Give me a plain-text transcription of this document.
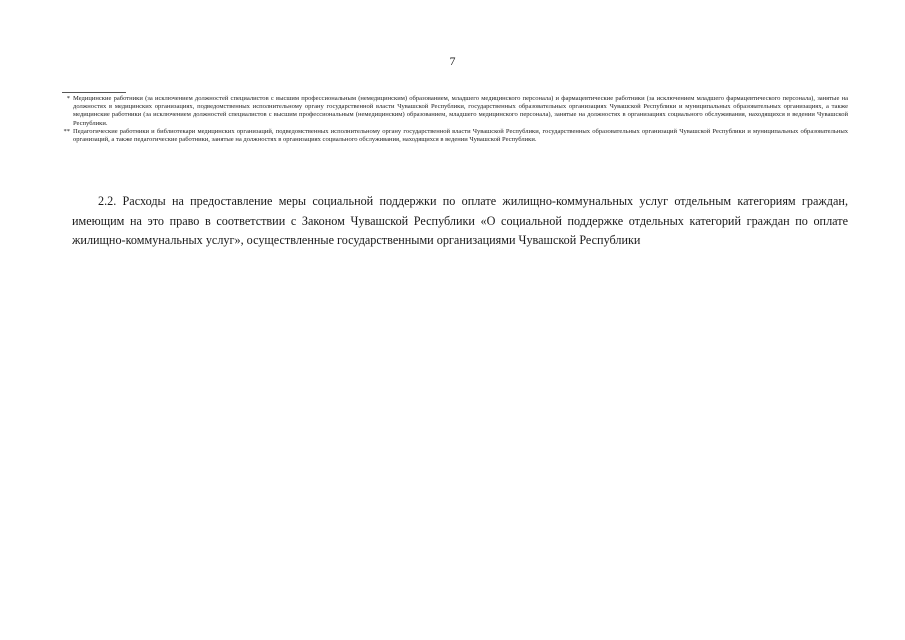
7

* Медицинские работники (за исключением должностей специалистов с высшим профессиональным (немедицинским) образованием, младшего медицинского персонала) и фармацевтические работники (за исключением младшего фармацевтического персонала), занятые на должностях в медицинских организациях, подведомственных исполнительному органу государственной власти Чувашской Республики, государственных образовательных организациях Чувашской Республики и муниципальных образовательных организациях, а также медицинские работники (за исключением должностей специалистов с высшим профессиональным (немедицинским) образованием, младшего медицинского персонала), занятые на должностях в организациях социального обслуживания, находящихся в ведении Чувашской Республики.

** Педагогические работники и библиотекари медицинских организаций, подведомственных исполнительному органу государственной власти Чувашской Республики, государственных образовательных организаций Чувашской Республики и муниципальных образовательных организаций, а также педагогические работники, занятые на должностях в организациях социального обслуживания, находящихся в ведении Чувашской Республики.

2.2. Расходы на предоставление меры социальной поддержки по оплате жилищно-коммунальных услуг отдельным категориям граждан, имеющим на это право в соответствии с Законом Чувашской Республики «О социальной поддержке отдельных категорий граждан по оплате жилищно-коммунальных услуг», осуществленные государственными организациями Чувашской Республики
